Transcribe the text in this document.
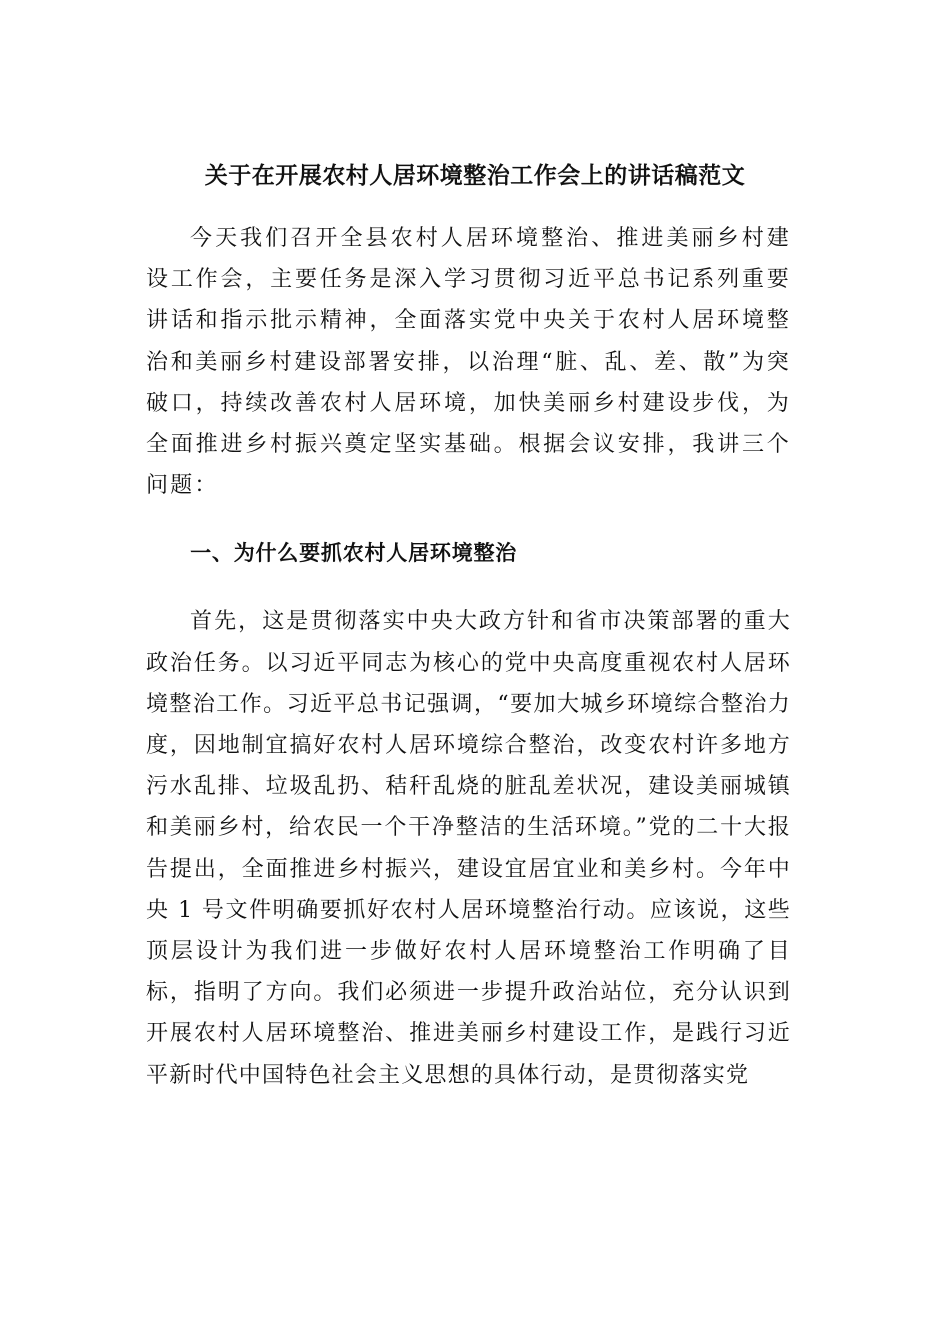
关于在开展农村人居环境整治工作会上的讲话稿范文

今天我们召开全县农村人居环境整治、推进美丽乡村建设工作会，主要任务是深入学习贯彻习近平总书记系列重要讲话和指示批示精神，全面落实党中央关于农村人居环境整治和美丽乡村建设部署安排，以治理“脏、乱、差、散”为突破口，持续改善农村人居环境，加快美丽乡村建设步伐，为全面推进乡村振兴奠定坚实基础。根据会议安排，我讲三个问题：

一、为什么要抓农村人居环境整治

首先，这是贯彻落实中央大政方针和省市决策部署的重大政治任务。以习近平同志为核心的党中央高度重视农村人居环境整治工作。习近平总书记强调，“要加大城乡环境综合整治力度，因地制宜搞好农村人居环境综合整治，改变农村许多地方污水乱排、垃圾乱扔、秸秆乱烧的脏乱差状况，建设美丽城镇和美丽乡村，给农民一个干净整洁的生活环境。”党的二十大报告提出，全面推进乡村振兴，建设宜居宜业和美乡村。今年中央 1 号文件明确要抓好农村人居环境整治行动。应该说，这些顶层设计为我们进一步做好农村人居环境整治工作明确了目标，指明了方向。我们必须进一步提升政治站位，充分认识到开展农村人居环境整治、推进美丽乡村建设工作，是践行习近平新时代中国特色社会主义思想的具体行动，是贯彻落实党
